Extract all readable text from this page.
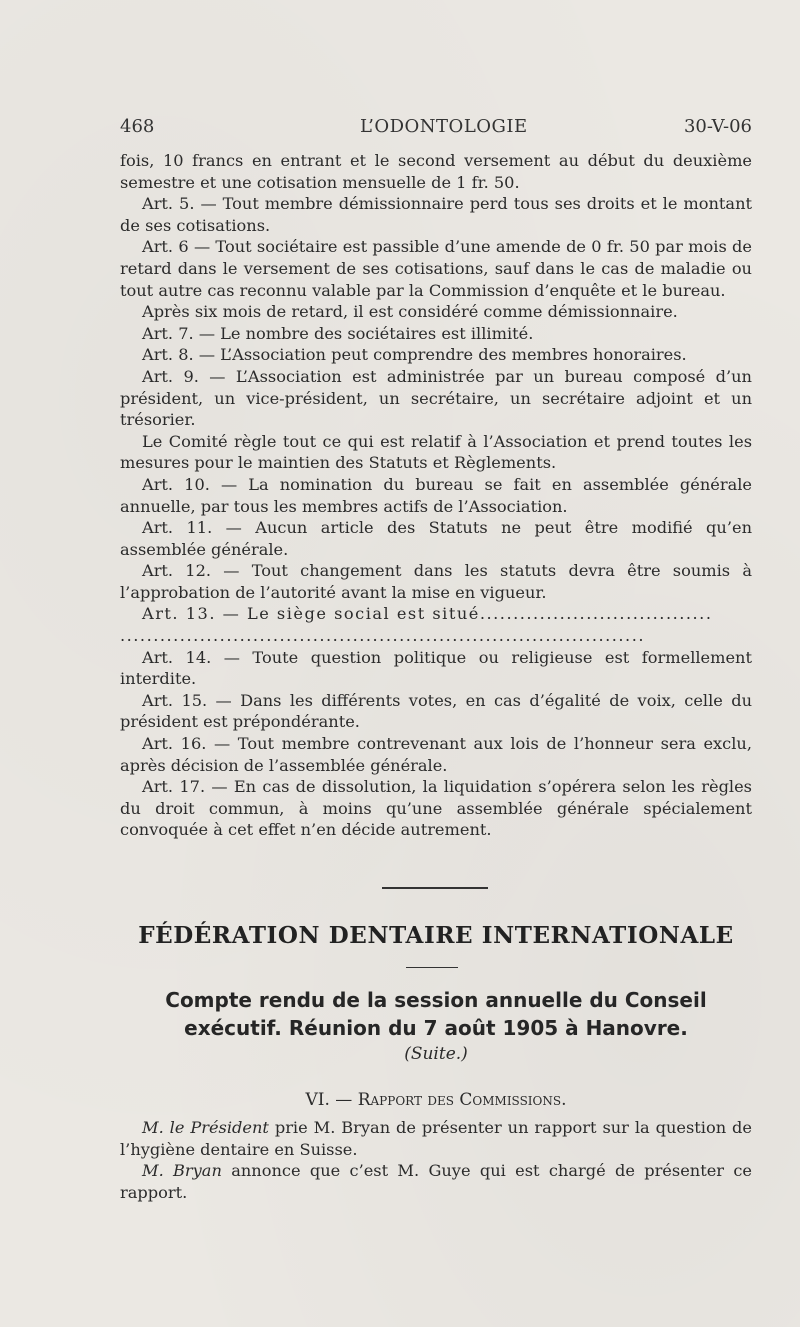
468	L’ODONTOLOGIE	30-V-06

fois, 10 francs en entrant et le second versement au début du deuxième semestre et une cotisation mensuelle de 1 fr. 50.

Art. 5. — Tout membre démissionnaire perd tous ses droits et le montant de ses cotisations.

Art. 6 — Tout sociétaire est passible d’une amende de 0 fr. 50 par mois de retard dans le versement de ses cotisations, sauf dans le cas de maladie ou tout autre cas reconnu valable par la Commission d’enquête et le bureau.

Après six mois de retard, il est considéré comme démissionnaire.

Art. 7. — Le nombre des sociétaires est illimité.

Art. 8. — L’Association peut comprendre des membres honoraires.

Art. 9. — L’Association est administrée par un bureau composé d’un président, un vice-président, un secrétaire, un secrétaire adjoint et un trésorier.

Le Comité règle tout ce qui est relatif à l’Association et prend toutes les mesures pour le maintien des Statuts et Règlements.

Art. 10. — La nomination du bureau se fait en assemblée générale annuelle, par tous les membres actifs de l’Association.

Art. 11. — Aucun article des Statuts ne peut être modifié qu’en assemblée générale.

Art. 12. — Tout changement dans les statuts devra être soumis à l’approbation de l’autorité avant la mise en vigueur.

Art. 13. — Le siège social est situé...................................

...............................................................................

Art. 14. — Toute question politique ou religieuse est formellement interdite.

Art. 15. — Dans les différents votes, en cas d’égalité de voix, celle du président est prépondérante.

Art. 16. — Tout membre contrevenant aux lois de l’honneur sera exclu, après décision de l’assemblée générale.

Art. 17. — En cas de dissolution, la liquidation s’opérera selon les règles du droit commun, à moins qu’une assemblée générale spécialement convoquée à cet effet n’en décide autrement.

FÉDÉRATION DENTAIRE INTERNATIONALE
Compte rendu de la session annuelle du Conseil
exécutif. Réunion du 7 août 1905 à Hanovre.
(Suite.)
VI. — Rapport des Commissions.

M. le Président prie M. Bryan de présenter un rapport sur la question de l’hygiène dentaire en Suisse.

M. Bryan annonce que c’est M. Guye qui est chargé de présenter ce rapport.
